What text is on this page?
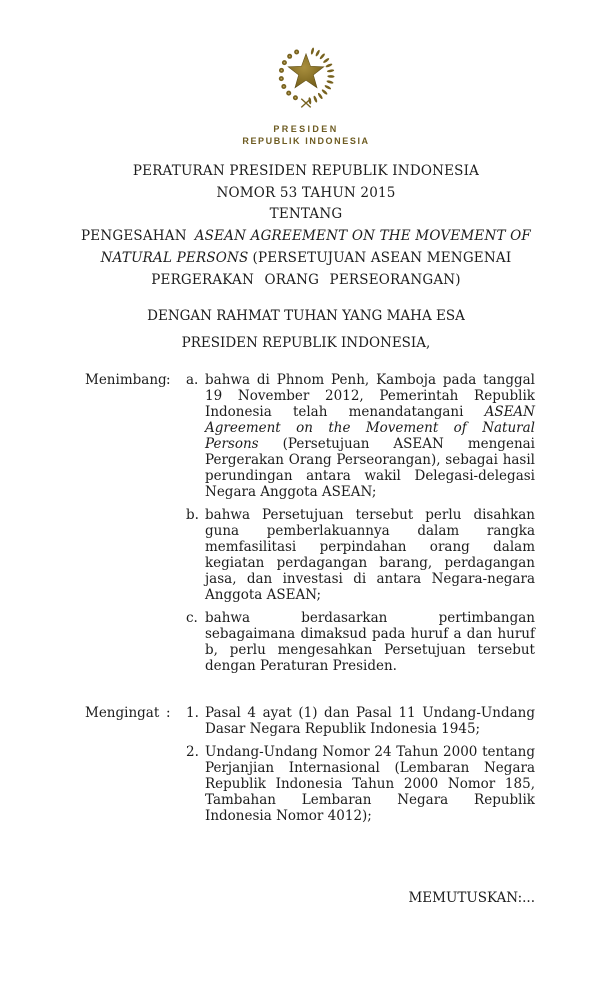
PRESIDEN
REPUBLIK INDONESIA
PERATURAN PRESIDEN REPUBLIK INDONESIA
NOMOR 53 TAHUN 2015
TENTANG
PENGESAHAN ASEAN AGREEMENT ON THE MOVEMENT OF
NATURAL PERSONS (PERSETUJUAN ASEAN MENGENAI
PERGERAKAN ORANG PERSEORANGAN)
DENGAN RAHMAT TUHAN YANG MAHA ESA
PRESIDEN REPUBLIK INDONESIA,
Menimbang :	a. bahwa di Phnom Penh, Kamboja pada tanggal 19 November 2012, Pemerintah Republik Indonesia telah menandatangani ASEAN Agreement on the Movement of Natural Persons (Persetujuan ASEAN mengenai Pergerakan Orang Perseorangan), sebagai hasil perundingan antara wakil Delegasi-delegasi Negara Anggota ASEAN;
b. bahwa Persetujuan tersebut perlu disahkan guna pemberlakuannya dalam rangka memfasilitasi perpindahan orang dalam kegiatan perdagangan barang, perdagangan jasa, dan investasi di antara Negara-negara Anggota ASEAN;
c. bahwa berdasarkan pertimbangan sebagaimana dimaksud pada huruf a dan huruf b, perlu mengesahkan Persetujuan tersebut dengan Peraturan Presiden.
Mengingat :	1. Pasal 4 ayat (1) dan Pasal 11 Undang-Undang Dasar Negara Republik Indonesia 1945;
2. Undang-Undang Nomor 24 Tahun 2000 tentang Perjanjian Internasional (Lembaran Negara Republik Indonesia Tahun 2000 Nomor 185, Tambahan Lembaran Negara Republik Indonesia Nomor 4012);
MEMUTUSKAN:...
